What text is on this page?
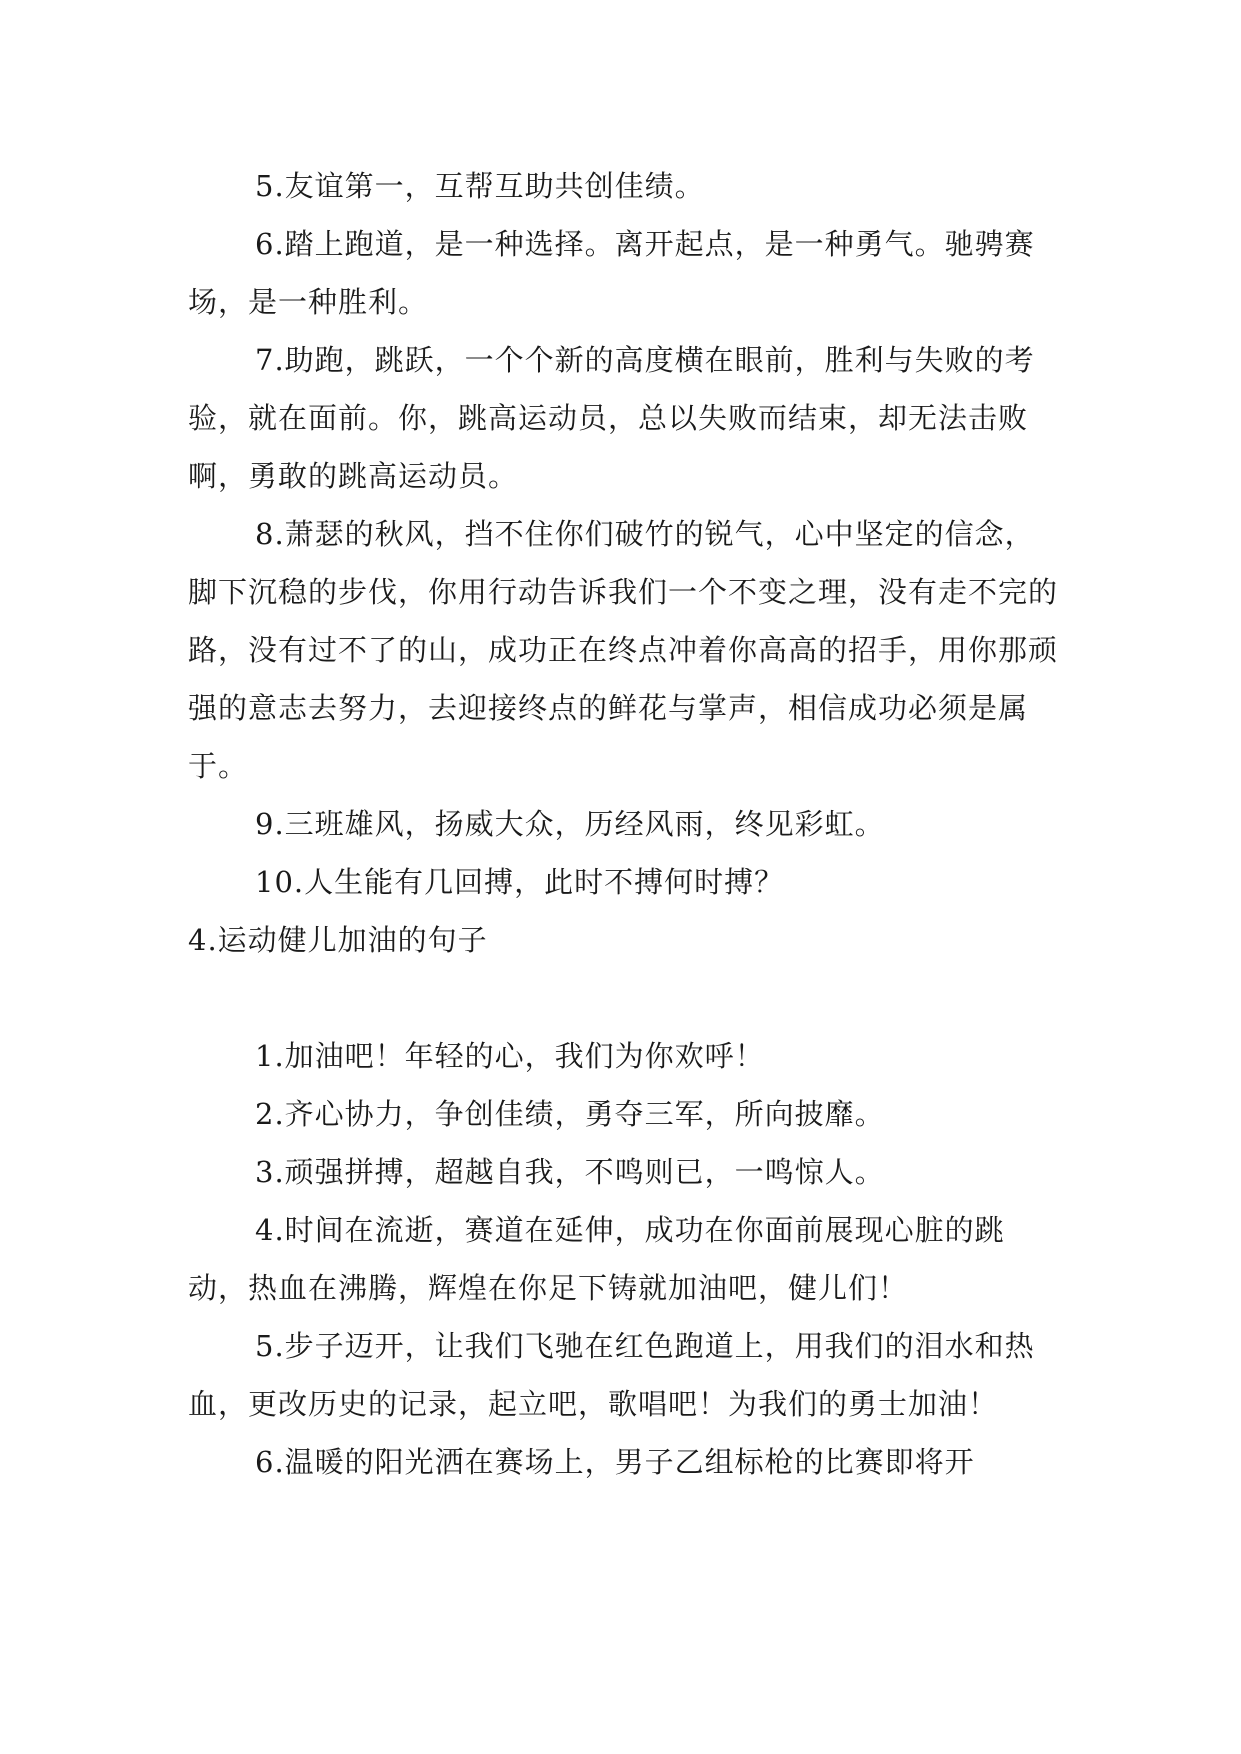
5.友谊第一，互帮互助共创佳绩。

6.踏上跑道，是一种选择。离开起点，是一种勇气。驰骋赛场，是一种胜利。

7.助跑，跳跃，一个个新的高度横在眼前，胜利与失败的考验，就在面前。你，跳高运动员，总以失败而结束，却无法击败啊，勇敢的跳高运动员。

8.萧瑟的秋风，挡不住你们破竹的锐气，心中坚定的信念，脚下沉稳的步伐，你用行动告诉我们一个不变之理，没有走不完的路，没有过不了的山，成功正在终点冲着你高高的招手，用你那顽强的意志去努力，去迎接终点的鲜花与掌声，相信成功必须是属于。

9.三班雄风，扬威大众，历经风雨，终见彩虹。

10.人生能有几回搏，此时不搏何时搏？

4.运动健儿加油的句子

1.加油吧！年轻的心，我们为你欢呼！

2.齐心协力，争创佳绩，勇夺三军，所向披靡。

3.顽强拼搏，超越自我，不鸣则已，一鸣惊人。

4.时间在流逝，赛道在延伸，成功在你面前展现心脏的跳动，热血在沸腾，辉煌在你足下铸就加油吧，健儿们！

5.步子迈开，让我们飞驰在红色跑道上，用我们的泪水和热血，更改历史的记录，起立吧，歌唱吧！为我们的勇士加油！

6.温暖的阳光洒在赛场上，男子乙组标枪的比赛即将开
